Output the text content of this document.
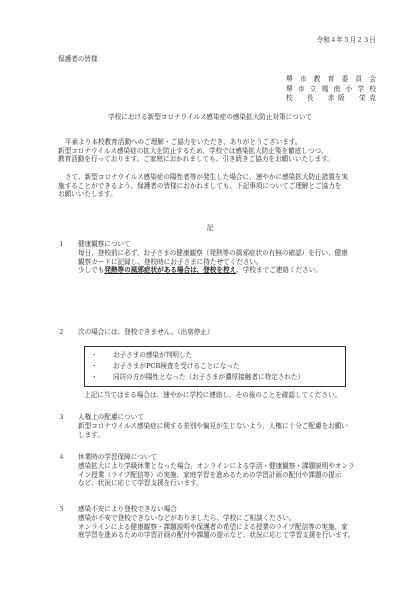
令和４年５月２３日
保護者の皆様
堺市教育委員会
堺市立鳳南小学校
校　長　赤阪　栄克
学校における新型コロナウイルス感染症の感染拡大防止対策について
平素より本校教育活動へのご理解・ご協力をいただき、ありがとうございます。
新型コロナウイルス感染症の拡大を防止するため、学校では感染拡大防止策を徹底しつつ、
教育活動を行っております。ご家庭におかれましても、引き続きご協力をお願いいたします。
さて、新型コロナウイルス感染症の陽性者等が発生した場合に、速やかに感染拡大防止措置を実
施することができるよう、保護者の皆様におかれましても、下記事項についてご理解とご協力を
お願いいたします。
記
１ 健康観察について
毎日、登校前に必ず、お子さまの健康観察（発熱等の風邪症状の有無の確認）を行い、健康
観察カードに記録し、登校時にお子さまに持たせてください。
少しでも発熱等の風邪症状がある場合は、登校を控え、学校までご連絡ください。
２ 次の場合には、登校できません。（出席停止）
・ お子さまの感染が判明した
・ お子さまがPCR検査を受けることになった
・ 同居の方が陽性となった（お子さまが濃厚接触者に特定された）
上記に当てはまる場合は、速やかに学校に連絡し、その後のことを確認してください。
３ 人権上の配慮について
新型コロナウイルス感染症に関する差別や偏見が生じないよう、人権に十分ご配慮をお願い
します。
４ 休業時の学習保障について
感染拡大により学級休業となった場合、オンラインによる学活・健康観察・課題説明やオンラ
イン授業（ライブ配信等）の実施、家庭学習を進めるための学習計画の配付や課題の提示
など、状況に応じて学習支援を行います。
５ 感染不安により登校できない場合
感染が不安で登校できないなどがありましたら、学校にご相談ください。
オンラインによる健康観察・課題説明や保護者の希望による授業のライブ配信等の実施、家
庭学習を進めるための学習計画の配付や課題の提示など、状況に応じて学習支援を行います。
